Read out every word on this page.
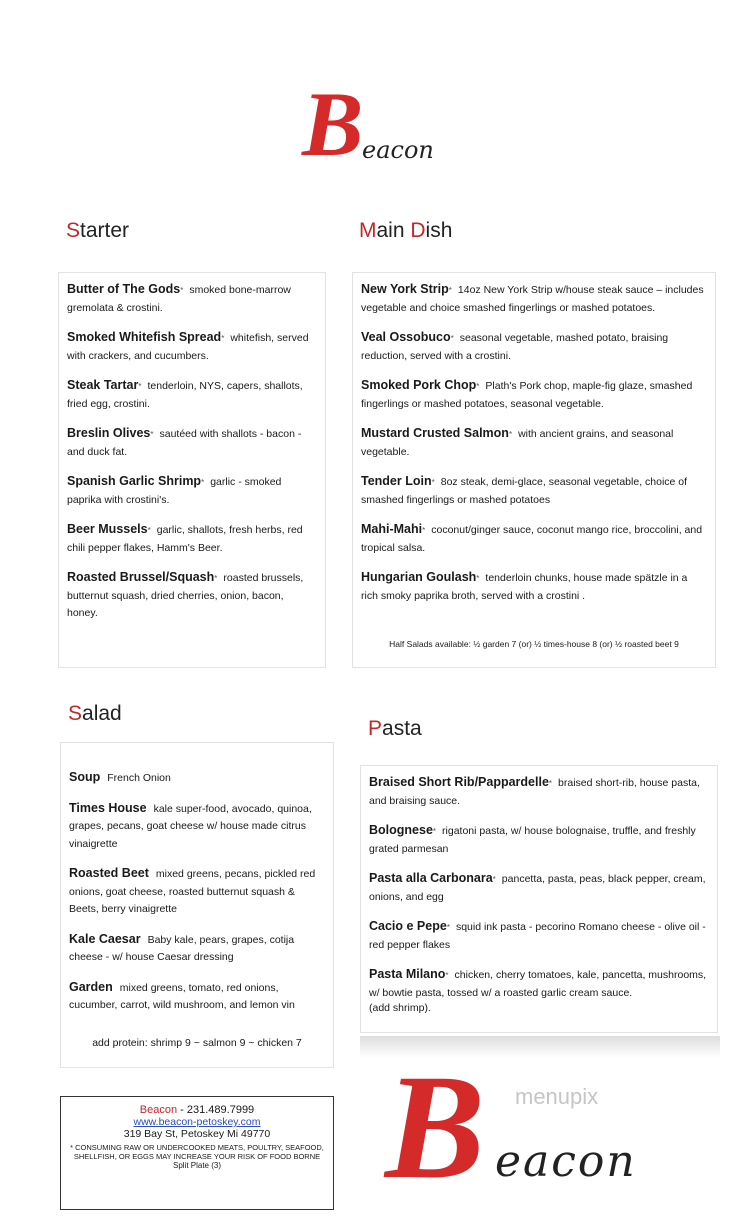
B
eacon
Starter	Main Dish
Salad
Pasta
Butter of The Gods* smoked bone-marrow gremolata & crostini.
Smoked Whitefish Spread* whitefish, served with crackers, and cucumbers.
Steak Tartar* tenderloin, NYS, capers, shallots, fried egg, crostini.
Breslin Olives* sautéed with shallots - bacon - and duck fat.
Spanish Garlic Shrimp* garlic - smoked paprika with crostini's.
Beer Mussels* garlic, shallots, fresh herbs, red chili pepper flakes, Hamm's Beer.
Roasted Brussel/Squash* roasted brussels, butternut squash, dried cherries, onion, bacon, honey.
New York Strip* 14oz New York Strip w/house steak sauce – includes vegetable and choice smashed fingerlings or mashed potatoes.
Veal Ossobuco* seasonal vegetable, mashed potato, braising reduction, served with a crostini.
Smoked Pork Chop* Plath's Pork chop, maple-fig glaze, smashed fingerlings or mashed potatoes, seasonal vegetable.
Mustard Crusted Salmon* with ancient grains, and seasonal vegetable.
Tender Loin* 8oz steak, demi-glace, seasonal vegetable, choice of smashed fingerlings or mashed potatoes
Mahi-Mahi* coconut/ginger sauce, coconut mango rice, broccolini, and tropical salsa.
Hungarian Goulash* tenderloin chunks, house made spätzle in a rich smoky paprika broth, served with a crostini .
Half Salads available: ½ garden 7 (or) ½ times-house 8 (or) ½ roasted beet 9
Soup French Onion
Times House kale super-food, avocado, quinoa, grapes, pecans, goat cheese w/ house made citrus vinaigrette
Roasted Beet mixed greens, pecans, pickled red onions, goat cheese, roasted butternut squash & Beets, berry vinaigrette
Kale Caesar Baby kale, pears, grapes, cotija cheese - w/ house Caesar dressing
Garden mixed greens, tomato, red onions, cucumber, carrot, wild mushroom, and lemon vin
add protein: shrimp 9 ~ salmon 9 ~ chicken 7
Braised Short Rib/Pappardelle* braised short-rib, house pasta, and braising sauce.
Bolognese* rigatoni pasta, w/ house bolognaise, truffle, and freshly grated parmesan
Pasta alla Carbonara* pancetta, pasta, peas, black pepper, cream, onions, and egg
Cacio e Pepe* squid ink pasta - pecorino Romano cheese - olive oil - red pepper flakes
Pasta Milano* chicken, cherry tomatoes, kale, pancetta, mushrooms, w/ bowtie pasta, tossed w/ a roasted garlic cream sauce.
(add shrimp).
Beacon - 231.489.7999
www.beacon-petoskey.com
319 Bay St, Petoskey Mi 49770
* CONSUMING RAW OR UNDERCOOKED MEATS, POULTRY, SEAFOOD, SHELLFISH, OR EGGS MAY INCREASE YOUR RISK OF FOOD BORNE
Split Plate (3)	B eacon
menupix
